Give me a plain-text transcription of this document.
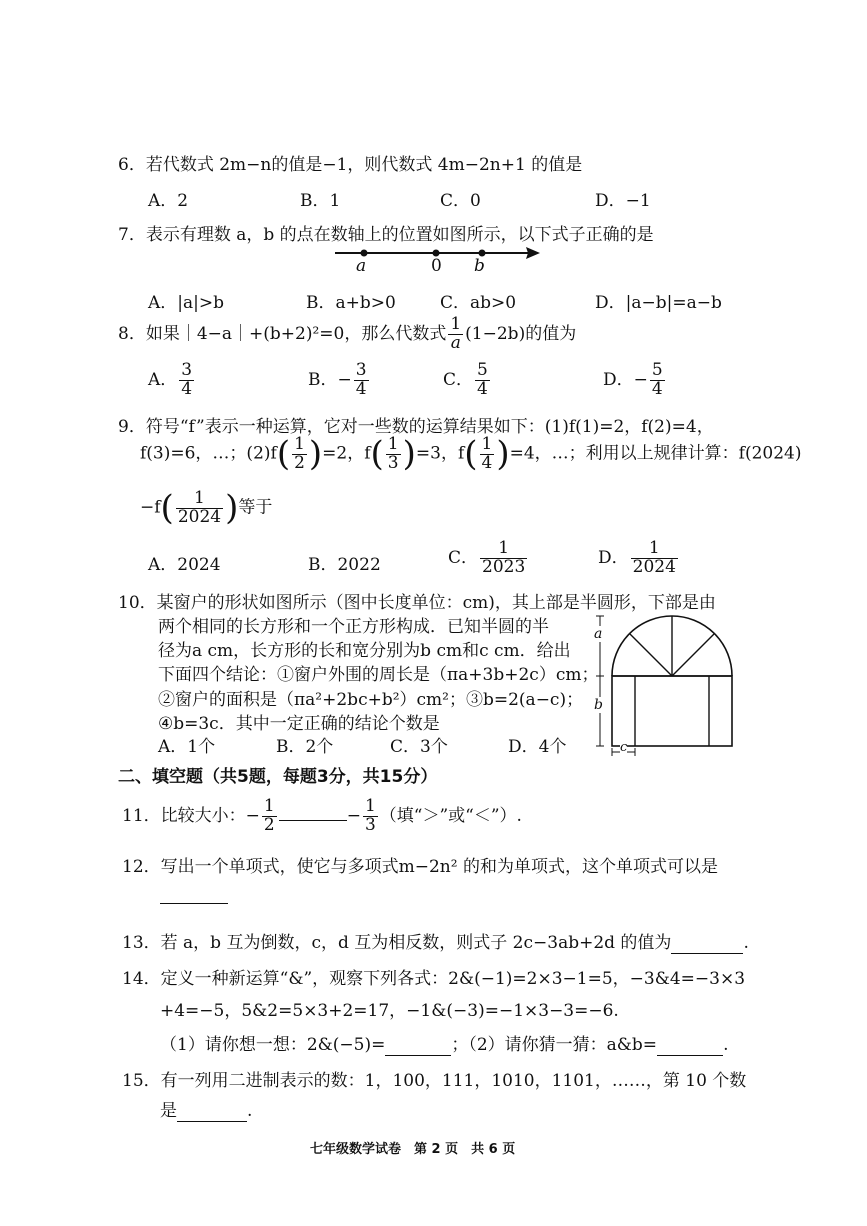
6．若代数式 2m−n的值是−1，则代数式 4m−2n+1 的值是
A．2	B．1	C．0	D．−1
7．表示有理数 a，b 的点在数轴上的位置如图所示，以下式子正确的是
a	0 b
A．|a|>b	B．a+b>0	C．ab>0	D．|a−b|=a−b
8．如果｜4−a｜+(b+2)²=0，那么代数式 $\frac{1}{a} (1-2b)$的值为
A． $\frac{3}{4}$	B．− $\frac{3}{4}$	C． $\frac{5}{4}$	D．− $\frac{5}{4}$
9．符号“f”表示一种运算，它对一些数的运算结果如下：(1)f(1)=2，f(2)=4，
f(3)=6，…；$(2)f( \frac{1}{2} )=2$，$f( \frac{1}{3} )=3$，$f( \frac{1}{4} )=4$，…；利用以上规律计算：f(2024)
$-f( \frac{1}{2024}$ )等于
A．2024	B．2022	C． $\frac{1}{2023}$	D． $\frac{1}{2024}$
10．某窗户的形状如图所示（图中长度单位：cm)，其上部是半圆形，下部是由
两个相同的长方形和一个正方形构成．已知半圆的半
径为a cm，长方形的长和宽分别为b cm和c cm．给出
下面四个结论：①窗户外围的周长是（πa+3b+2c）cm；
②窗户的面积是（πa²+2bc+b²）cm²；③b=2(a−c)；
④b=3c．其中一定正确的结论个数是
A．1个	B．2个	C．3个	D．4个
a
b
c
二、填空题（共5题，每题3分，共15分）
11．比较大小：− $\frac{1}{2}$	− $\frac{1}{3}$ （填“＞”或“＜”）.
12．写出一个单项式，使它与多项式m−2n² 的和为单项式，这个单项式可以是
13．若 a，b 互为倒数，c，d 互为相反数，则式子 2c−3ab+2d 的值为	.
14．定义一种新运算“&”，观察下列各式：2&(−1)=2×3−1=5，−3&4=−3×3
+4=−5，5&2=5×3+2=17，−1&(−3)=−1×3−3=−6.
（1）请你想一想：2&(−5)=	；（2）请你猜一猜：a&b=	.
15．有一列用二进制表示的数：1，100，111，1010，1101，……，第 10 个数
是	.
七年级数学试卷　第 2 页　共 6 页
